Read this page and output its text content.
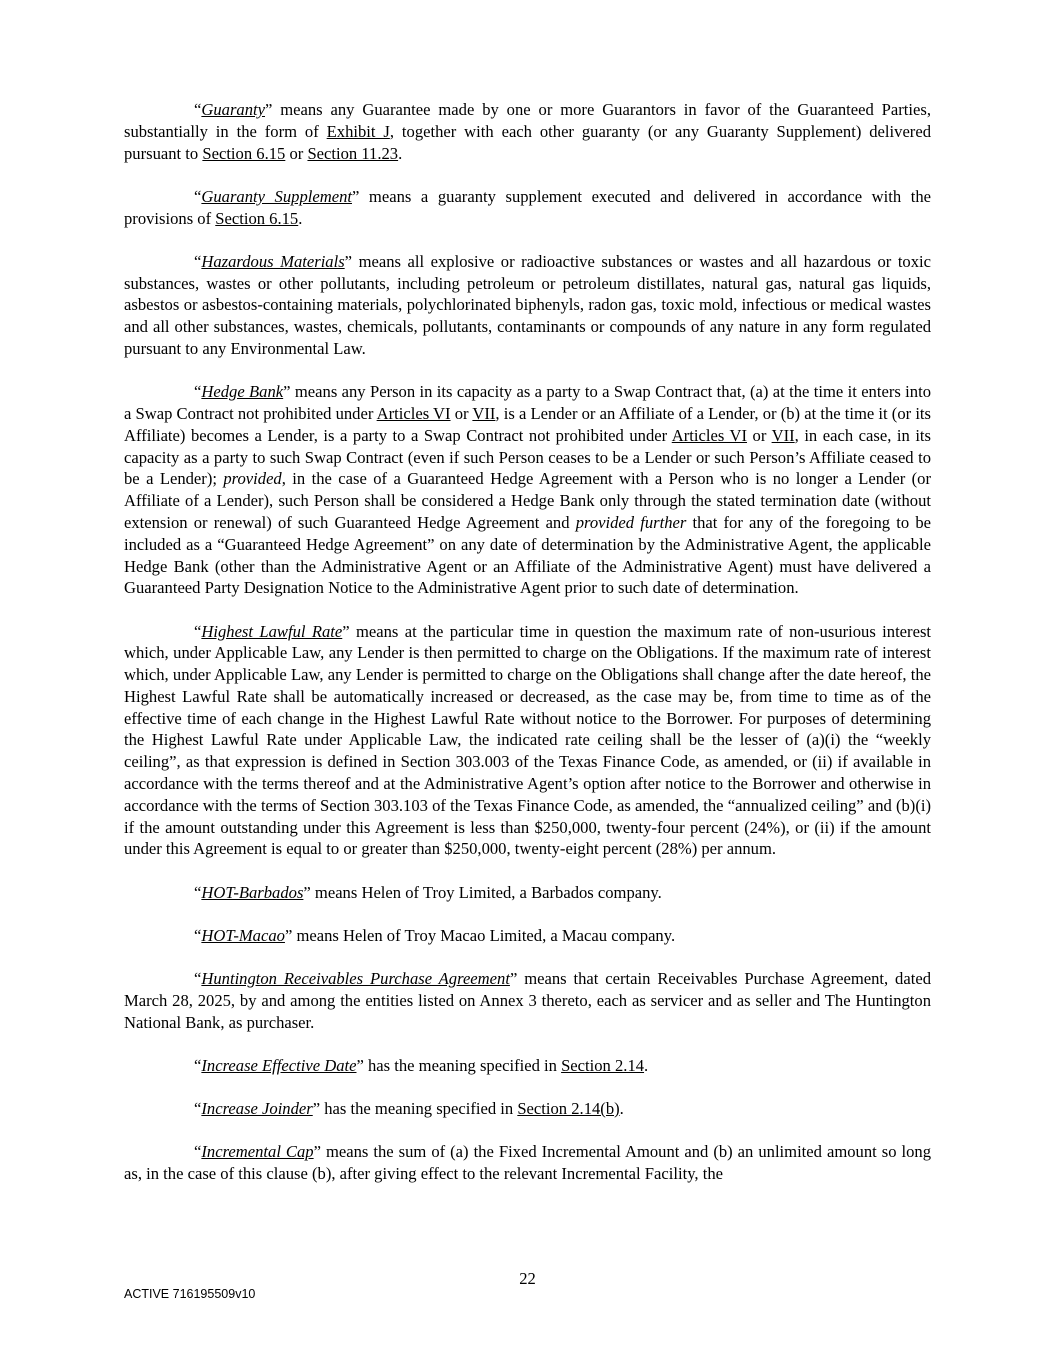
“Guaranty” means any Guarantee made by one or more Guarantors in favor of the Guaranteed Parties, substantially in the form of Exhibit J, together with each other guaranty (or any Guaranty Supplement) delivered pursuant to Section 6.15 or Section 11.23.

“Guaranty Supplement” means a guaranty supplement executed and delivered in accordance with the provisions of Section 6.15.

“Hazardous Materials” means all explosive or radioactive substances or wastes and all hazardous or toxic substances, wastes or other pollutants, including petroleum or petroleum distillates, natural gas, natural gas liquids, asbestos or asbestos-containing materials, polychlorinated biphenyls, radon gas, toxic mold, infectious or medical wastes and all other substances, wastes, chemicals, pollutants, contaminants or compounds of any nature in any form regulated pursuant to any Environmental Law.

“Hedge Bank” means any Person in its capacity as a party to a Swap Contract that, (a) at the time it enters into a Swap Contract not prohibited under Articles VI or VII, is a Lender or an Affiliate of a Lender, or (b) at the time it (or its Affiliate) becomes a Lender, is a party to a Swap Contract not prohibited under Articles VI or VII, in each case, in its capacity as a party to such Swap Contract (even if such Person ceases to be a Lender or such Person’s Affiliate ceased to be a Lender); provided, in the case of a Guaranteed Hedge Agreement with a Person who is no longer a Lender (or Affiliate of a Lender), such Person shall be considered a Hedge Bank only through the stated termination date (without extension or renewal) of such Guaranteed Hedge Agreement and provided further that for any of the foregoing to be included as a “Guaranteed Hedge Agreement” on any date of determination by the Administrative Agent, the applicable Hedge Bank (other than the Administrative Agent or an Affiliate of the Administrative Agent) must have delivered a Guaranteed Party Designation Notice to the Administrative Agent prior to such date of determination.

“Highest Lawful Rate” means at the particular time in question the maximum rate of non-usurious interest which, under Applicable Law, any Lender is then permitted to charge on the Obligations. If the maximum rate of interest which, under Applicable Law, any Lender is permitted to charge on the Obligations shall change after the date hereof, the Highest Lawful Rate shall be automatically increased or decreased, as the case may be, from time to time as of the effective time of each change in the Highest Lawful Rate without notice to the Borrower. For purposes of determining the Highest Lawful Rate under Applicable Law, the indicated rate ceiling shall be the lesser of (a)(i) the “weekly ceiling”, as that expression is defined in Section 303.003 of the Texas Finance Code, as amended, or (ii) if available in accordance with the terms thereof and at the Administrative Agent’s option after notice to the Borrower and otherwise in accordance with the terms of Section 303.103 of the Texas Finance Code, as amended, the “annualized ceiling” and (b)(i) if the amount outstanding under this Agreement is less than $250,000, twenty-four percent (24%), or (ii) if the amount under this Agreement is equal to or greater than $250,000, twenty-eight percent (28%) per annum.

“HOT-Barbados” means Helen of Troy Limited, a Barbados company.

“HOT-Macao” means Helen of Troy Macao Limited, a Macau company.

“Huntington Receivables Purchase Agreement” means that certain Receivables Purchase Agreement, dated March 28, 2025, by and among the entities listed on Annex 3 thereto, each as servicer and as seller and The Huntington National Bank, as purchaser.

“Increase Effective Date” has the meaning specified in Section 2.14.

“Increase Joinder” has the meaning specified in Section 2.14(b).

“Incremental Cap” means the sum of (a) the Fixed Incremental Amount and (b) an unlimited amount so long as, in the case of this clause (b), after giving effect to the relevant Incremental Facility, the

22
ACTIVE 716195509v10
